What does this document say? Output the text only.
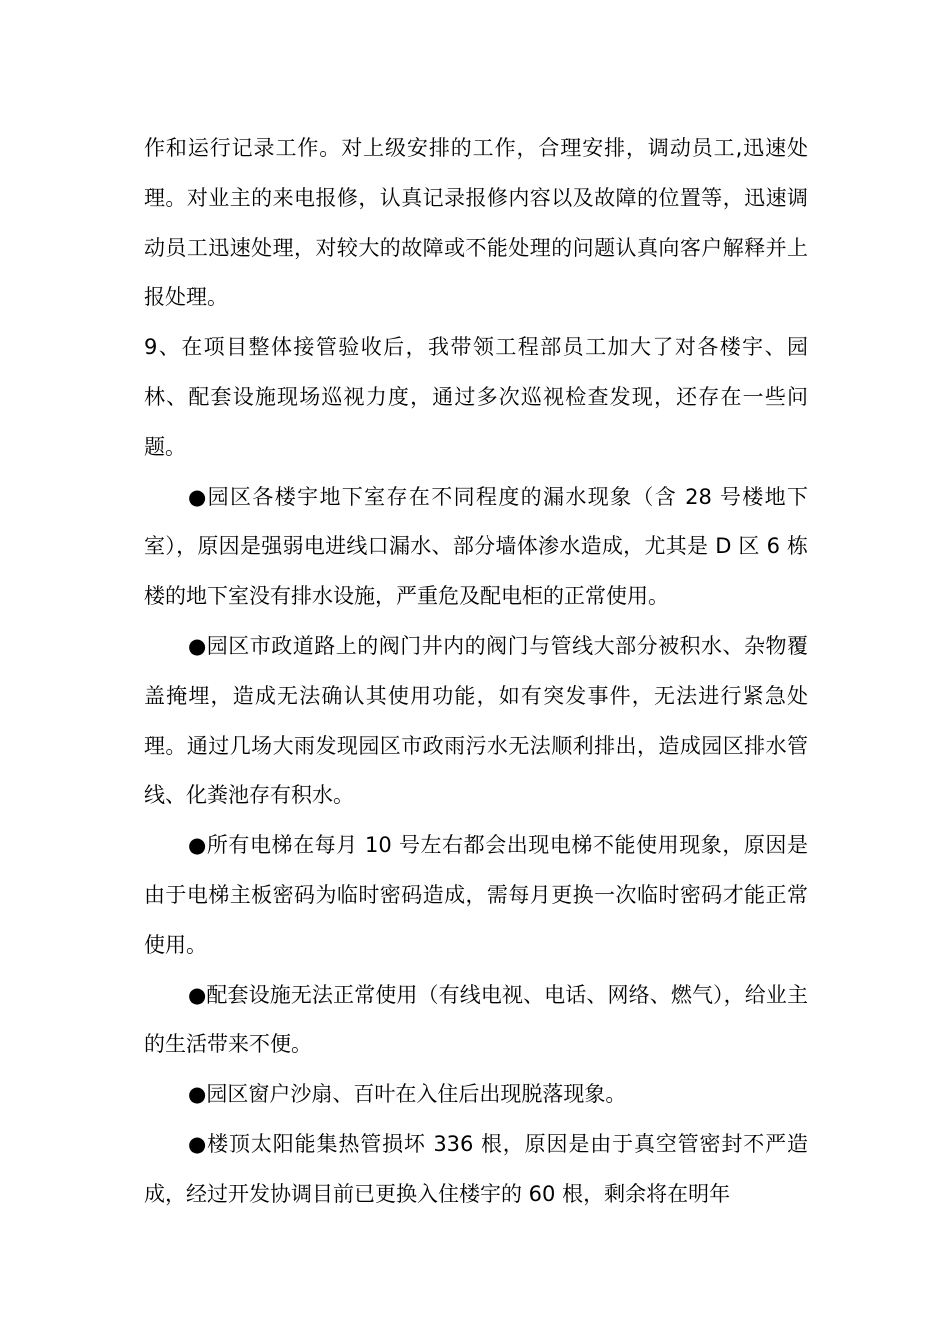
作和运行记录工作。对上级安排的工作，合理安排，调动员工,迅速处理。对业主的来电报修，认真记录报修内容以及故障的位置等，迅速调动员工迅速处理，对较大的故障或不能处理的问题认真向客户解释并上报处理。

9、在项目整体接管验收后，我带领工程部员工加大了对各楼宇、园林、配套设施现场巡视力度，通过多次巡视检查发现，还存在一些问题。

●园区各楼宇地下室存在不同程度的漏水现象（含 28 号楼地下室），原因是强弱电进线口漏水、部分墙体渗水造成，尤其是 D 区 6 栋楼的地下室没有排水设施，严重危及配电柜的正常使用。

●园区市政道路上的阀门井内的阀门与管线大部分被积水、杂物覆盖掩埋，造成无法确认其使用功能，如有突发事件，无法进行紧急处理。通过几场大雨发现园区市政雨污水无法顺利排出，造成园区排水管线、化粪池存有积水。

●所有电梯在每月 10 号左右都会出现电梯不能使用现象，原因是由于电梯主板密码为临时密码造成，需每月更换一次临时密码才能正常使用。

●配套设施无法正常使用（有线电视、电话、网络、燃气），给业主的生活带来不便。

●园区窗户沙扇、百叶在入住后出现脱落现象。

●楼顶太阳能集热管损坏 336 根，原因是由于真空管密封不严造成，经过开发协调目前已更换入住楼宇的 60 根，剩余将在明年
